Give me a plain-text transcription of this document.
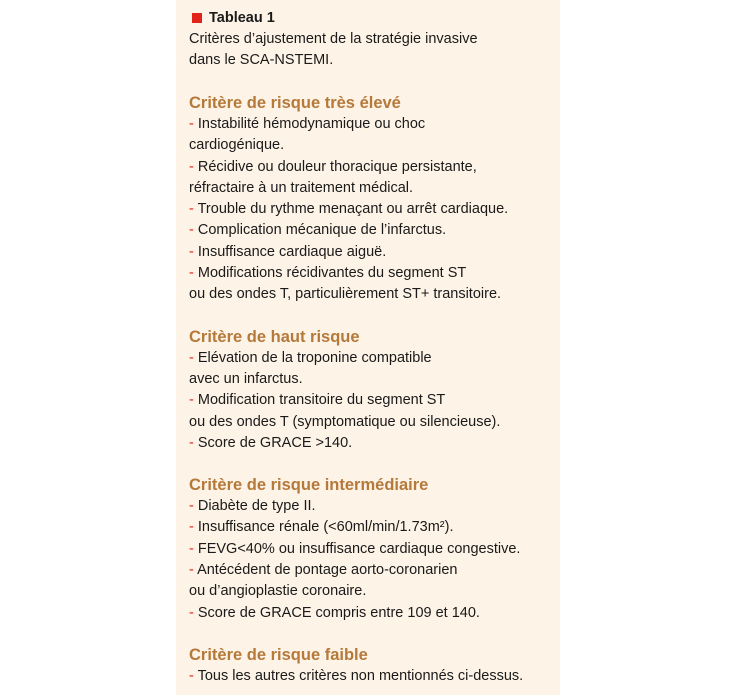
Tableau 1
Critères d’ajustement de la stratégie invasive
dans le SCA-NSTEMI.
Critère de risque très élevé
- Instabilité hémodynamique ou choc
cardiogénique.
- Récidive ou douleur thoracique persistante,
réfractaire à un traitement médical.
- Trouble du rythme menaçant ou arrêt cardiaque.
- Complication mécanique de l’infarctus.
- Insuffisance cardiaque aiguë.
- Modifications récidivantes du segment ST
ou des ondes T, particulièrement ST+ transitoire.
Critère de haut risque
- Elévation de la troponine compatible
avec un infarctus.
- Modification transitoire du segment ST
ou des ondes T (symptomatique ou silencieuse).
- Score de GRACE >140.
Critère de risque intermédiaire
- Diabète de type II.
- Insuffisance rénale (<60ml/min/1.73m²).
- FEVG<40% ou insuffisance cardiaque congestive.
- Antécédent de pontage aorto-coronarien
ou d’angioplastie coronaire.
- Score de GRACE compris entre 109 et 140.
Critère de risque faible
- Tous les autres critères non mentionnés ci-dessus.
